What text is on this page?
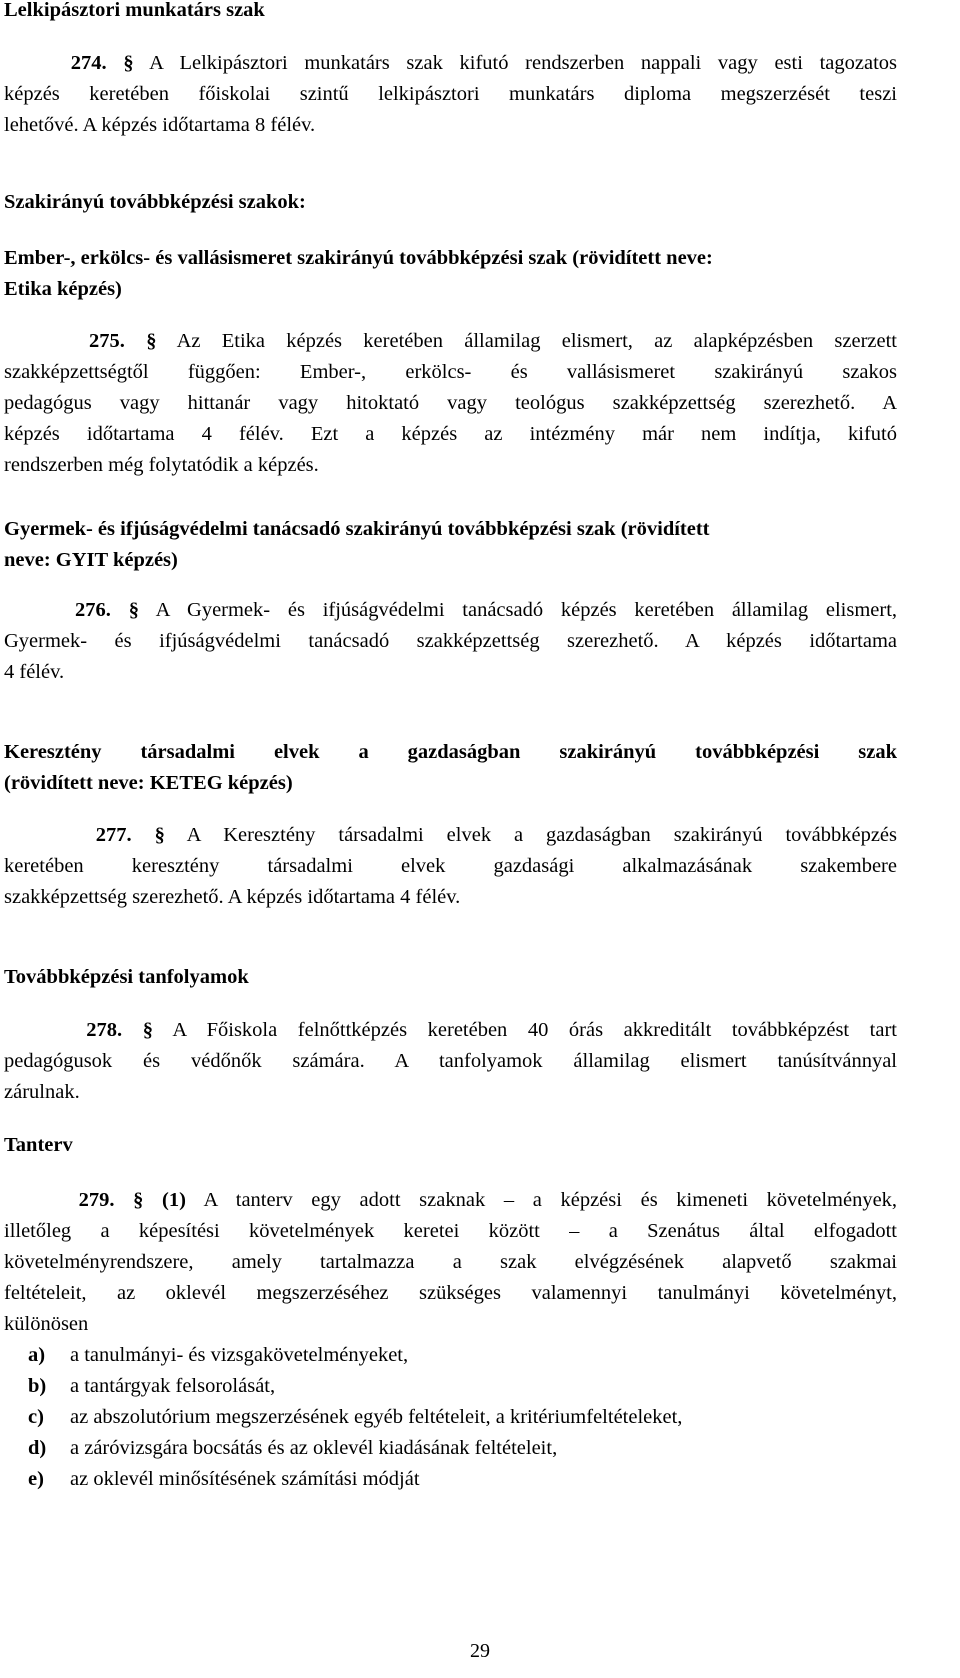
Lelkipásztori munkatárs szak
274. § A Lelkipásztori munkatárs szak kifutó rendszerben nappali vagy esti tagozatos
képzés keretében főiskolai szintű lelkipásztori munkatárs diploma megszerzését teszi
lehetővé. A képzés időtartama 8 félév.
Szakirányú továbbképzési szakok:
Ember-, erkölcs- és vallásismeret szakirányú továbbképzési szak (rövidített neve:
Etika képzés)
275. § Az Etika képzés keretében államilag elismert, az alapképzésben szerzett
szakképzettségtől függően: Ember-, erkölcs- és vallásismeret szakirányú szakos
pedagógus vagy hittanár vagy hitoktató vagy teológus szakképzettség szerezhető. A
képzés időtartama 4 félév. Ezt a képzés az intézmény már nem indítja, kifutó
rendszerben még folytatódik a képzés.
Gyermek- és ifjúságvédelmi tanácsadó szakirányú továbbképzési szak (rövidített
neve: GYIT képzés)
276. § A Gyermek- és ifjúságvédelmi tanácsadó képzés keretében államilag elismert,
Gyermek- és ifjúságvédelmi tanácsadó szakképzettség szerezhető. A képzés időtartama
4 félév.
Keresztény társadalmi elvek a gazdaságban szakirányú továbbképzési szak
(rövidített neve: KETEG képzés)
277. § A Keresztény társadalmi elvek a gazdaságban szakirányú továbbképzés
keretében keresztény társadalmi elvek gazdasági alkalmazásának szakembere
szakképzettség szerezhető. A képzés időtartama 4 félév.
Továbbképzési tanfolyamok
278. § A Főiskola felnőttképzés keretében 40 órás akkreditált továbbképzést tart
pedagógusok és védőnők számára. A tanfolyamok államilag elismert tanúsítvánnyal
zárulnak.
Tanterv
279. § (1) A tanterv egy adott szaknak – a képzési és kimeneti követelmények,
illetőleg a képesítési követelmények keretei között – a Szenátus által elfogadott
követelményrendszere, amely tartalmazza a szak elvégzésének alapvető szakmai
feltételeit, az oklevél megszerzéséhez szükséges valamennyi tanulmányi követelményt,
különösen
a) a tanulmányi- és vizsgakövetelményeket,
b) a tantárgyak felsorolását,
c) az abszolutórium megszerzésének egyéb feltételeit, a kritériumfeltételeket,
d) a záróvizsgára bocsátás és az oklevél kiadásának feltételeit,
e) az oklevél minősítésének számítási módját
29
